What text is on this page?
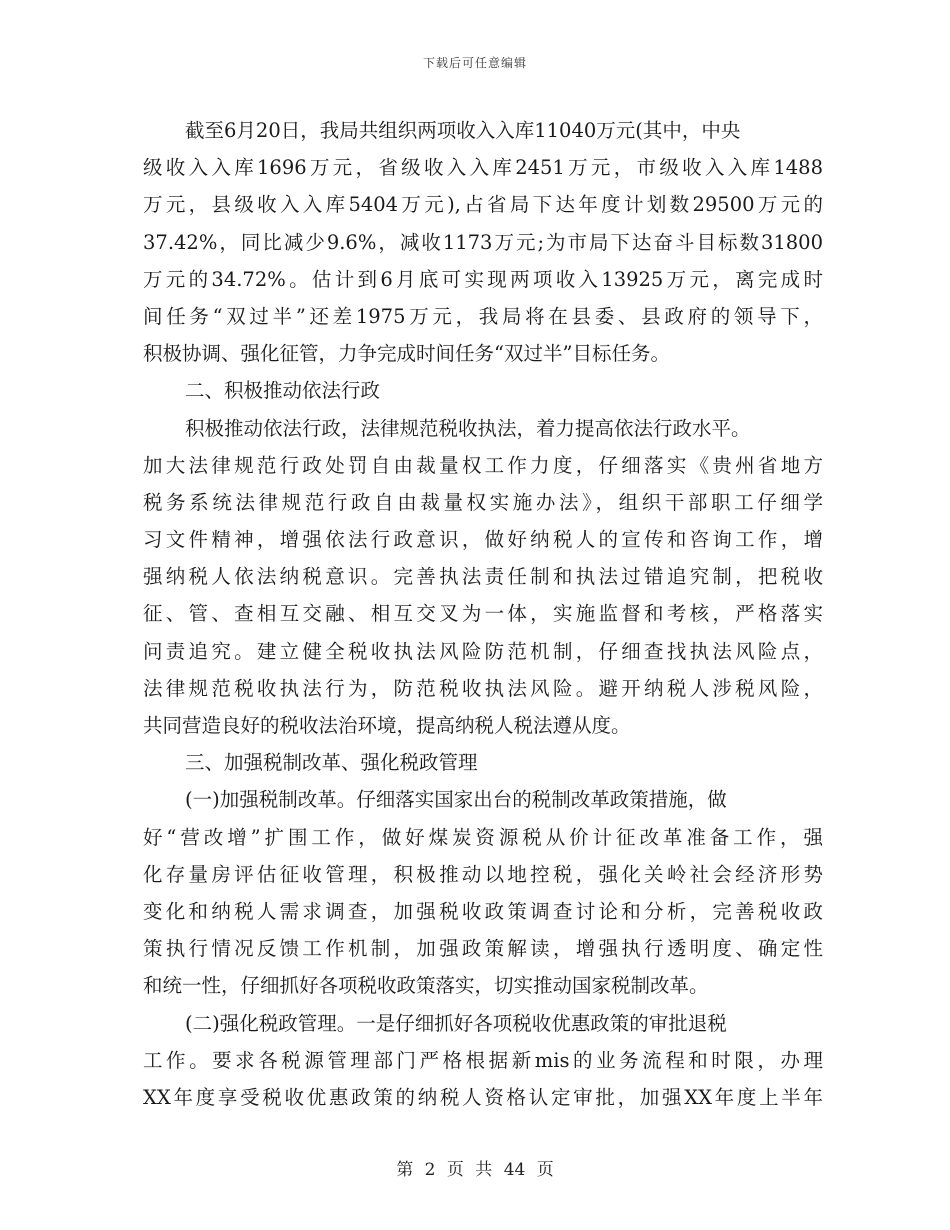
下载后可任意编辑
截至6月20日，我局共组织两项收入入库11040万元(其中，中央
级收入入库1696万元，省级收入入库2451万元，市级收入入库1488
万元，县级收入入库5404万元),占省局下达年度计划数29500万元的
37.42%，同比减少9.6%，减收1173万元;为市局下达奋斗目标数31800
万元的34.72%。估计到6月底可实现两项收入13925万元，离完成时
间任务“双过半”还差1975万元，我局将在县委、县政府的领导下，
积极协调、强化征管，力争完成时间任务“双过半”目标任务。
二、积极推动依法行政
积极推动依法行政，法律规范税收执法，着力提高依法行政水平。
加大法律规范行政处罚自由裁量权工作力度，仔细落实《贵州省地方
税务系统法律规范行政自由裁量权实施办法》，组织干部职工仔细学
习文件精神，增强依法行政意识，做好纳税人的宣传和咨询工作，增
强纳税人依法纳税意识。完善执法责任制和执法过错追究制，把税收
征、管、查相互交融、相互交叉为一体，实施监督和考核，严格落实
问责追究。建立健全税收执法风险防范机制，仔细查找执法风险点，
法律规范税收执法行为，防范税收执法风险。避开纳税人涉税风险，
共同营造良好的税收法治环境，提高纳税人税法遵从度。
三、加强税制改革、强化税政管理
(一)加强税制改革。仔细落实国家出台的税制改革政策措施，做
好“营改增”扩围工作，做好煤炭资源税从价计征改革准备工作，强
化存量房评估征收管理，积极推动以地控税，强化关岭社会经济形势
变化和纳税人需求调查，加强税收政策调查讨论和分析，完善税收政
策执行情况反馈工作机制，加强政策解读，增强执行透明度、确定性
和统一性，仔细抓好各项税收政策落实，切实推动国家税制改革。
(二)强化税政管理。一是仔细抓好各项税收优惠政策的审批退税
工作。要求各税源管理部门严格根据新mis的业务流程和时限，办理
XX年度享受税收优惠政策的纳税人资格认定审批，加强XX年度上半年
第 2 页 共 44 页
